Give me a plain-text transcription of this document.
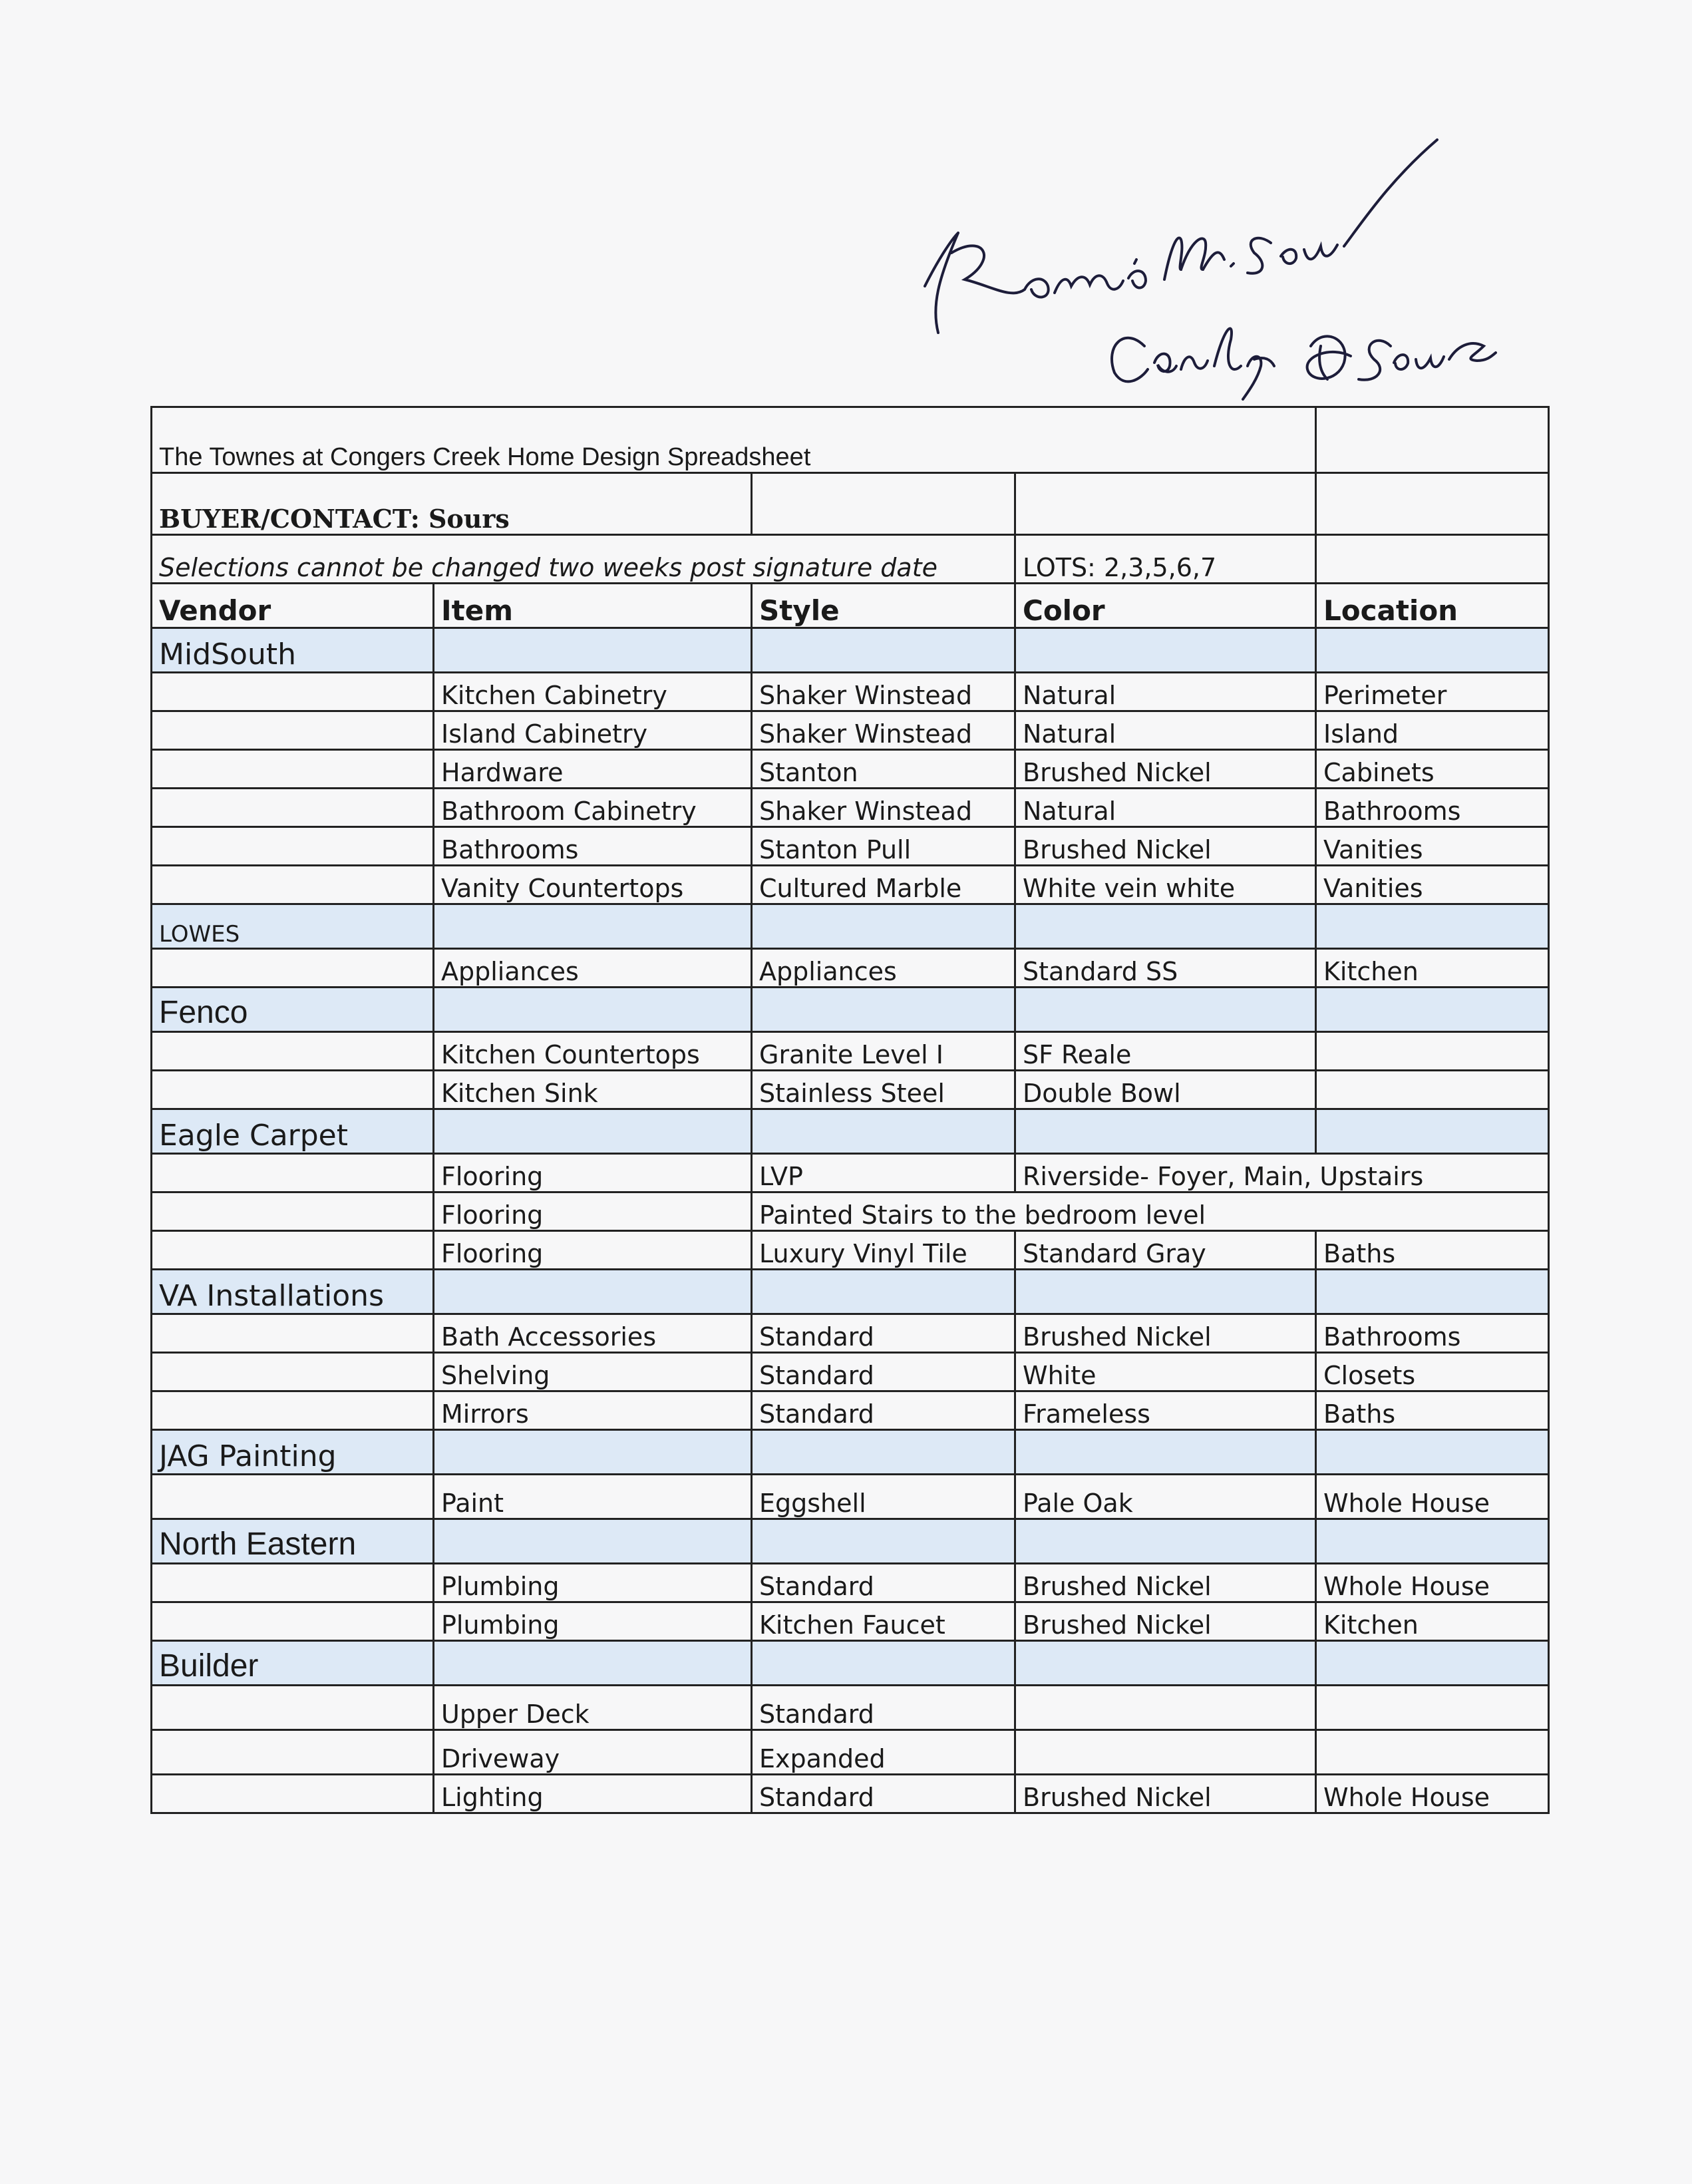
The Townes at Congers Creek Home Design Spreadsheet				
BUYER/CONTACT: Sours				
Selections cannot be changed two weeks post signature date			LOTS: 2,3,5,6,7	
Vendor	Item	Style	Color	Location
MidSouth				
	Kitchen Cabinetry	Shaker Winstead	Natural	Perimeter
	Island Cabinetry	Shaker Winstead	Natural	Island
	Hardware	Stanton	Brushed Nickel	Cabinets
	Bathroom Cabinetry	Shaker Winstead	Natural	Bathrooms
	Bathrooms	Stanton Pull	Brushed Nickel	Vanities
	Vanity Countertops	Cultured Marble	White vein white	Vanities
LOWES				
	Appliances	Appliances	Standard SS	Kitchen
Fenco				
	Kitchen Countertops	Granite Level I	SF Reale	
	Kitchen Sink	Stainless Steel	Double Bowl	
Eagle Carpet				
	Flooring	LVP	Riverside- Foyer, Main, Upstairs	
	Flooring	Painted Stairs to the bedroom level		
	Flooring	Luxury Vinyl Tile	Standard Gray	Baths
VA Installations				
	Bath Accessories	Standard	Brushed Nickel	Bathrooms
	Shelving	Standard	White	Closets
	Mirrors	Standard	Frameless	Baths
JAG Painting				
	Paint	Eggshell	Pale Oak	Whole House
North Eastern				
	Plumbing	Standard	Brushed Nickel	Whole House
	Plumbing	Kitchen Faucet	Brushed Nickel	Kitchen
Builder				
	Upper Deck	Standard		
	Driveway	Expanded		
	Lighting	Standard	Brushed Nickel	Whole House
